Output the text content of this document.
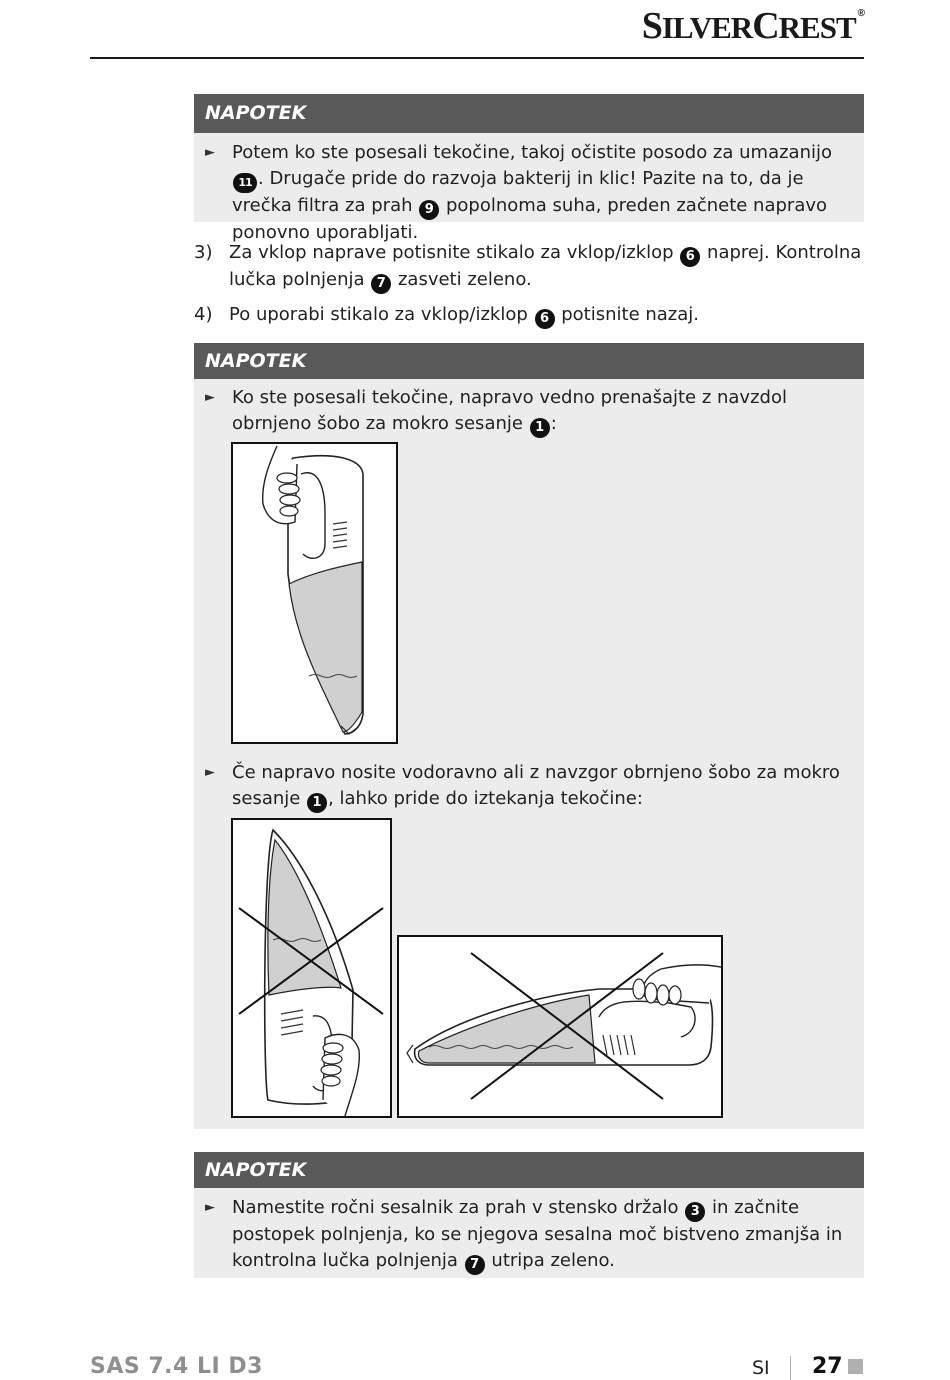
SILVERCREST ®
NAPOTEK
► Potem ko ste posesali tekočine, takoj očistite posodo za umazanijo 11 . Drugače pride do razvoja bakterij in klic! Pazite na to, da je vrečka filtra za prah 9 popolnoma suha, preden začnete napravo ponovno uporabljati.
3) Za vklop naprave potisnite stikalo za vklop/izklop 6 naprej. Kontrolna lučka polnjenja 7 zasveti zeleno.
4) Po uporabi stikalo za vklop/izklop 6 potisnite nazaj.
NAPOTEK
► Ko ste posesali tekočine, napravo vedno prenašajte z navzdol obrnjeno šobo za mokro sesanje 1 :
► Če napravo nosite vodoravno ali z navzgor obrnjeno šobo za mokro sesanje 1 , lahko pride do iztekanja tekočine:
NAPOTEK
► Namestite ročni sesalnik za prah v stensko držalo 3 in začnite postopek polnjenja, ko se njegova sesalna moč bistveno zmanjša in kontrolna lučka polnjenja 7 utripa zeleno.
SAS 7.4 LI D3	SI 27
